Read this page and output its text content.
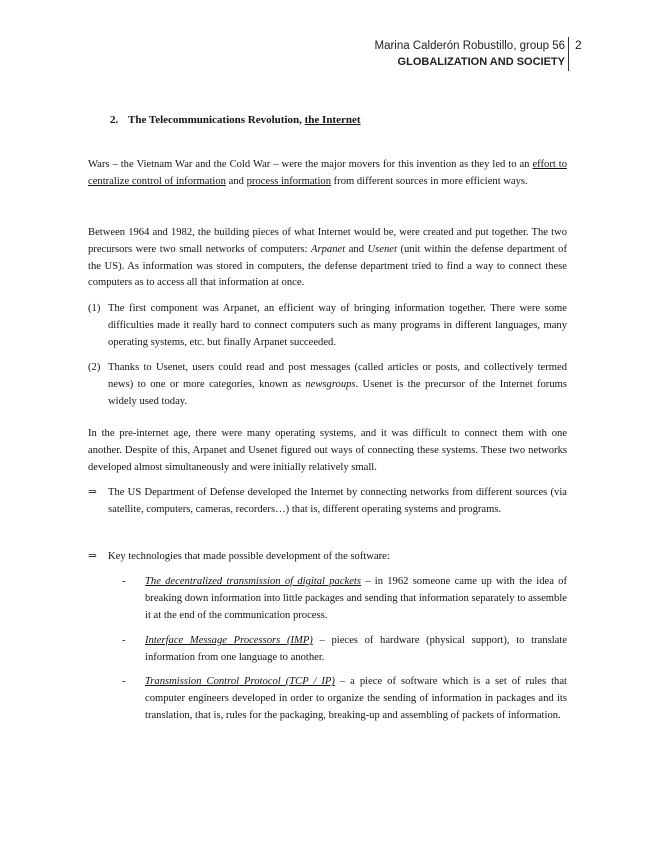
Marina Calderón Robustillo, group 56
GLOBALIZATION AND SOCIETY
2
2. The Telecommunications Revolution, the Internet
Wars – the Vietnam War and the Cold War – were the major movers for this invention as they led to an effort to centralize control of information and process information from different sources in more efficient ways.
Between 1964 and 1982, the building pieces of what Internet would be, were created and put together. The two precursors were two small networks of computers: Arpanet and Usenet (unit within the defense department of the US). As information was stored in computers, the defense department tried to find a way to connect these computers as to access all that information at once.
(1) The first component was Arpanet, an efficient way of bringing information together. There were some difficulties made it really hard to connect computers such as many programs in different languages, many operating systems, etc. but finally Arpanet succeeded.
(2) Thanks to Usenet, users could read and post messages (called articles or posts, and collectively termed news) to one or more categories, known as newsgroups. Usenet is the precursor of the Internet forums widely used today.
In the pre-internet age, there were many operating systems, and it was difficult to connect them with one another. Despite of this, Arpanet and Usenet figured out ways of connecting these systems. These two networks developed almost simultaneously and were initially relatively small.
⇒ The US Department of Defense developed the Internet by connecting networks from different sources (via satellite, computers, cameras, recorders…) that is, different operating systems and programs.
⇒ Key technologies that made possible development of the software:
- The decentralized transmission of digital packets – in 1962 someone came up with the idea of breaking down information into little packages and sending that information separately to assemble it at the end of the communication process.
- Interface Message Processors (IMP) – pieces of hardware (physical support), to translate information from one language to another.
- Transmission Control Protocol (TCP / IP) – a piece of software which is a set of rules that computer engineers developed in order to organize the sending of information in packages and its translation, that is, rules for the packaging, breaking-up and assembling of packets of information.
